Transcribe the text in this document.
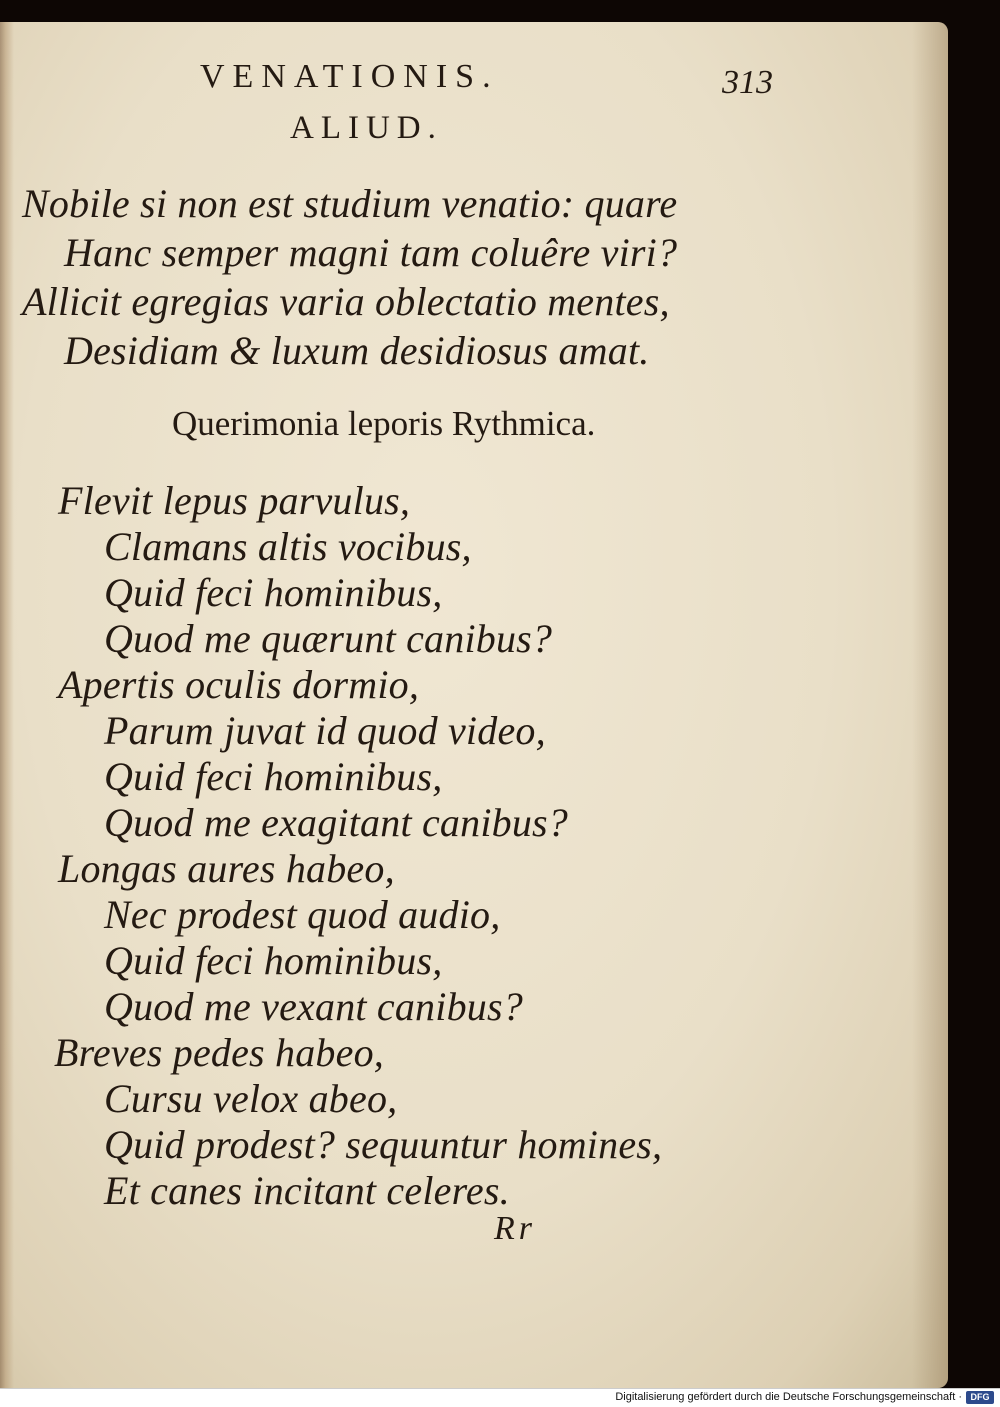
VENATIONIS.	313
ALIUD.
Nobile si non est studium venatio: quare
Hanc semper magni tam coluêre viri?
Allicit egregias varia oblectatio mentes,
Desidiam & luxum desidiosus amat.
Querimonia leporis Rythmica.
Flevit lepus parvulus,
Clamans altis vocibus,
Quid feci hominibus,
Quod me quærunt canibus?
Apertis oculis dormio,
Parum juvat id quod video,
Quid feci hominibus,
Quod me exagitant canibus?
Longas aures habeo,
Nec prodest quod audio,
Quid feci hominibus,
Quod me vexant canibus?
Breves pedes habeo,
Cursu velox abeo,
Quid prodest? sequuntur homines,
Et canes incitant celeres.
Rr
Digitalisierung gefördert durch die Deutsche Forschungsgemeinschaft · DFG
